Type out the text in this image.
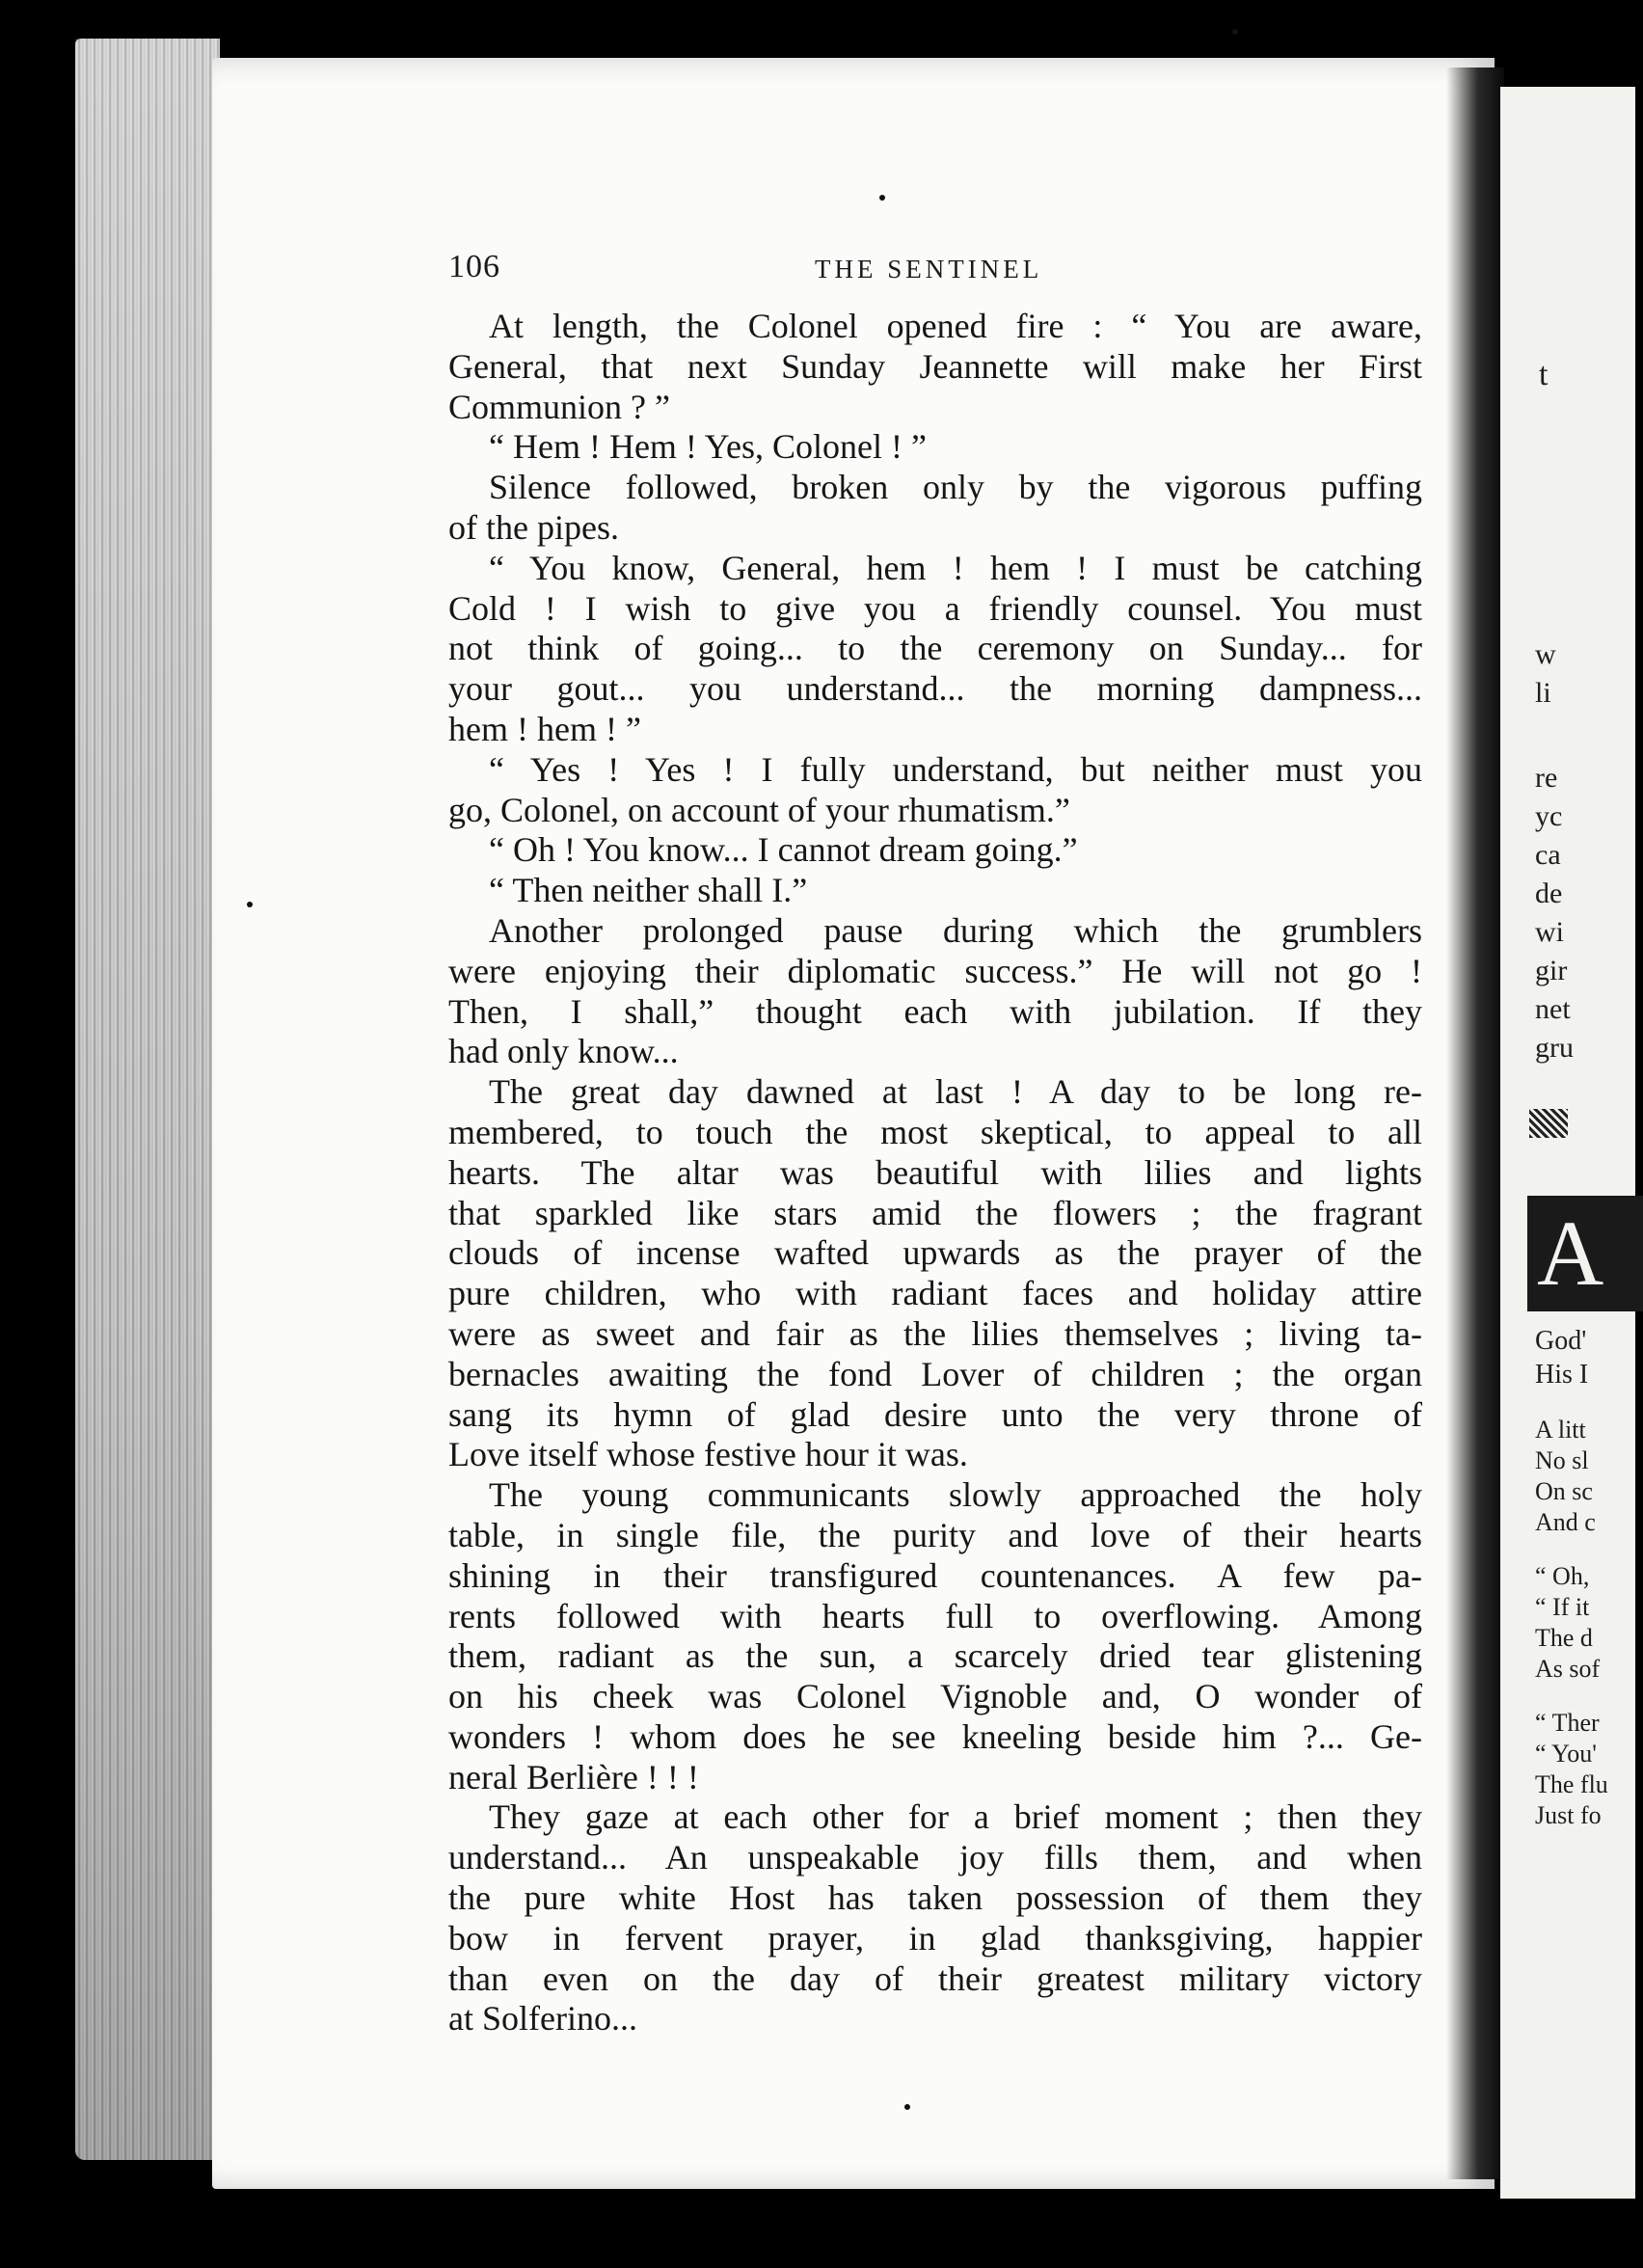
106	THE SENTINEL
At length, the Colonel opened fire : “ You are aware,
General, that next Sunday Jeannette will make her First
Communion ? ”
“ Hem ! Hem ! Yes, Colonel ! ”
Silence followed, broken only by the vigorous puffing
of the pipes.
“ You know, General, hem ! hem ! I must be catching
Cold ! I wish to give you a friendly counsel. You must
not think of going... to the ceremony on Sunday... for
your gout... you understand... the morning dampness...
hem ! hem ! ”
“ Yes ! Yes ! I fully understand, but neither must you
go, Colonel, on account of your rhumatism.”
“ Oh ! You know... I cannot dream going.”
“ Then neither shall I.”
Another prolonged pause during which the grumblers
were enjoying their diplomatic success.” He will not go !
Then, I shall,” thought each with jubilation. If they
had only know...
The great day dawned at last ! A day to be long re-
membered, to touch the most skeptical, to appeal to all
hearts. The altar was beautiful with lilies and lights
that sparkled like stars amid the flowers ; the fragrant
clouds of incense wafted upwards as the prayer of the
pure children, who with radiant faces and holiday attire
were as sweet and fair as the lilies themselves ; living ta-
bernacles awaiting the fond Lover of children ; the organ
sang its hymn of glad desire unto the very throne of
Love itself whose festive hour it was.
The young communicants slowly approached the holy
table, in single file, the purity and love of their hearts
shining in their transfigured countenances. A few pa-
rents followed with hearts full to overflowing. Among
them, radiant as the sun, a scarcely dried tear glistening
on his cheek was Colonel Vignoble and, O wonder of
wonders ! whom does he see kneeling beside him ?... Ge-
neral Berlière ! ! !
They gaze at each other for a brief moment ; then they
understand... An unspeakable joy fills them, and when
the pure white Host has taken possession of them they
bow in fervent prayer, in glad thanksgiving, happier
than even on the day of their greatest military victory
at Solferino...
t
w
li
re
yc
ca
de
wi
gir
net
gru
A
God'
His I
A litt
No sl
On sc
And c
“ Oh,
“ If it
The d
As sof
“ Ther
“ You'
The flu
Just fo
